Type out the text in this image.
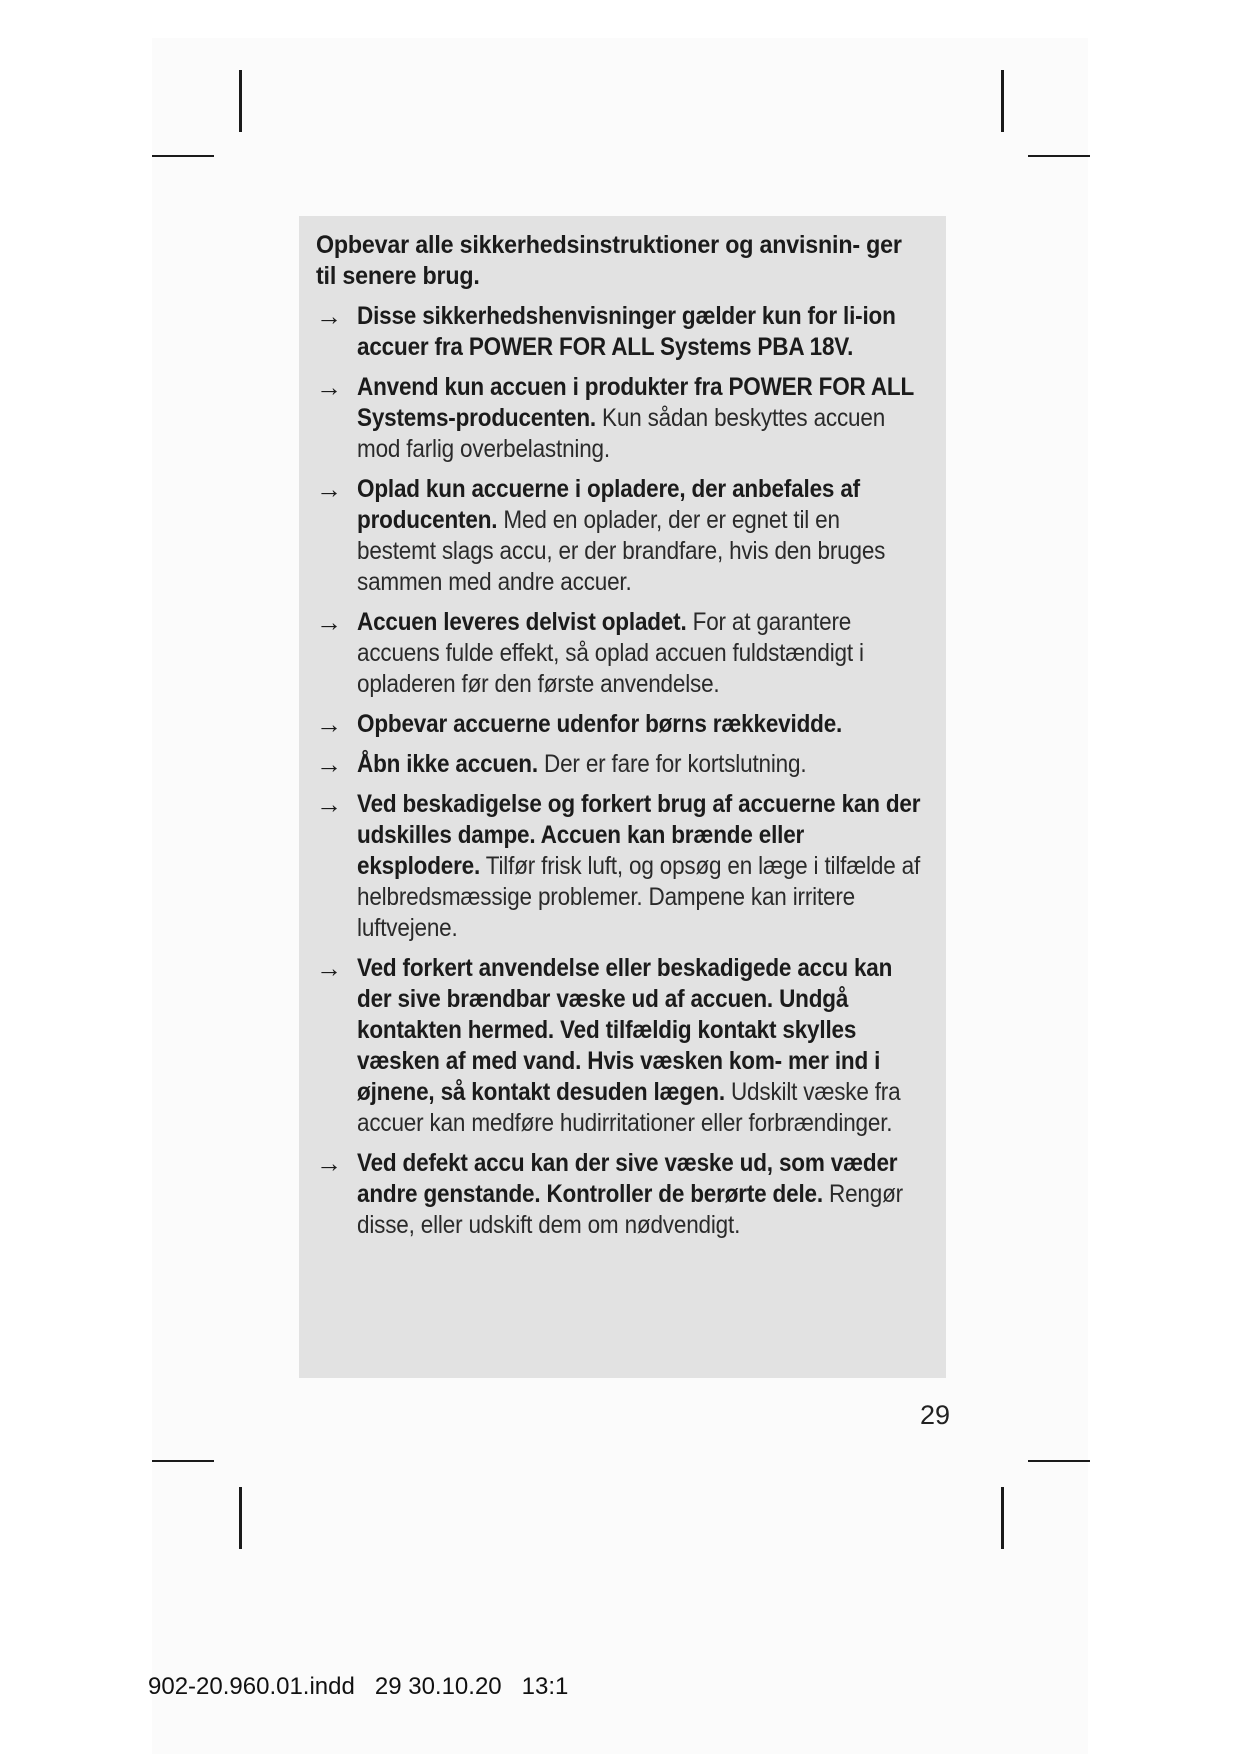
Opbevar alle sikkerhedsinstruktioner og anvisnin- ger til senere brug.
→ Disse sikkerhedshenvisninger gælder kun for li-ion accuer fra POWER FOR ALL Systems PBA 18V.
→ Anvend kun accuen i produkter fra POWER FOR ALL Systems-producenten. Kun sådan beskyttes accuen mod farlig overbelastning.
→ Oplad kun accuerne i opladere, der anbefales af producenten. Med en oplader, der er egnet til en bestemt slags accu, er der brandfare, hvis den bruges sammen med andre accuer.
→ Accuen leveres delvist opladet. For at garantere accuens fulde effekt, så oplad accuen fuldstændigt i opladeren før den første anvendelse.
→ Opbevar accuerne udenfor børns rækkevidde.
→ Åbn ikke accuen. Der er fare for kortslutning.
→ Ved beskadigelse og forkert brug af accuerne kan der udskilles dampe. Accuen kan brænde eller eksplodere. Tilfør frisk luft, og opsøg en læge i tilfælde af helbredsmæssige problemer. Dampene kan irritere luftvejene.
→ Ved forkert anvendelse eller beskadigede accu kan der sive brændbar væske ud af accuen. Undgå kontakten hermed. Ved tilfældig kontakt skylles væsken af med vand. Hvis væsken kom- mer ind i øjnene, så kontakt desuden lægen. Udskilt væske fra accuer kan medføre hudirritationer eller forbrændinger.
→ Ved defekt accu kan der sive væske ud, som væder andre genstande. Kontroller de berørte dele. Rengør disse, eller udskift dem om nødvendigt.
29
902-20.960.01.indd   29 30.10.20   13:1
